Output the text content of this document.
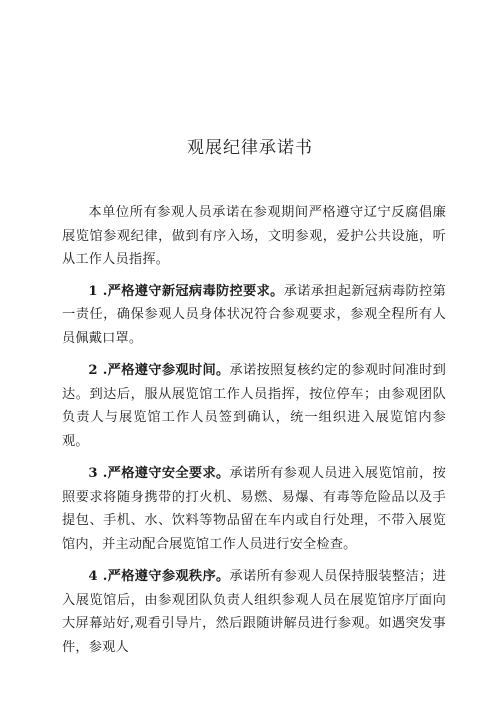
观展纪律承诺书

本单位所有参观人员承诺在参观期间严格遵守辽宁反腐倡廉展览馆参观纪律，做到有序入场，文明参观，爱护公共设施，听从工作人员指挥。

1 .严格遵守新冠病毒防控要求。承诺承担起新冠病毒防控第一责任，确保参观人员身体状况符合参观要求，参观全程所有人员佩戴口罩。

2 .严格遵守参观时间。承诺按照复核约定的参观时间准时到达。到达后，服从展览馆工作人员指挥，按位停车；由参观团队负责人与展览馆工作人员签到确认，统一组织进入展览馆内参观。

3 .严格遵守安全要求。承诺所有参观人员进入展览馆前，按照要求将随身携带的打火机、易燃、易爆、有毒等危险品以及手提包、手机、水、饮料等物品留在车内或自行处理，不带入展览馆内，并主动配合展览馆工作人员进行安全检查。

4 .严格遵守参观秩序。承诺所有参观人员保持服装整洁；进入展览馆后，由参观团队负责人组织参观人员在展览馆序厅面向大屏幕站好,观看引导片，然后跟随讲解员进行参观。如遇突发事件，参观人
